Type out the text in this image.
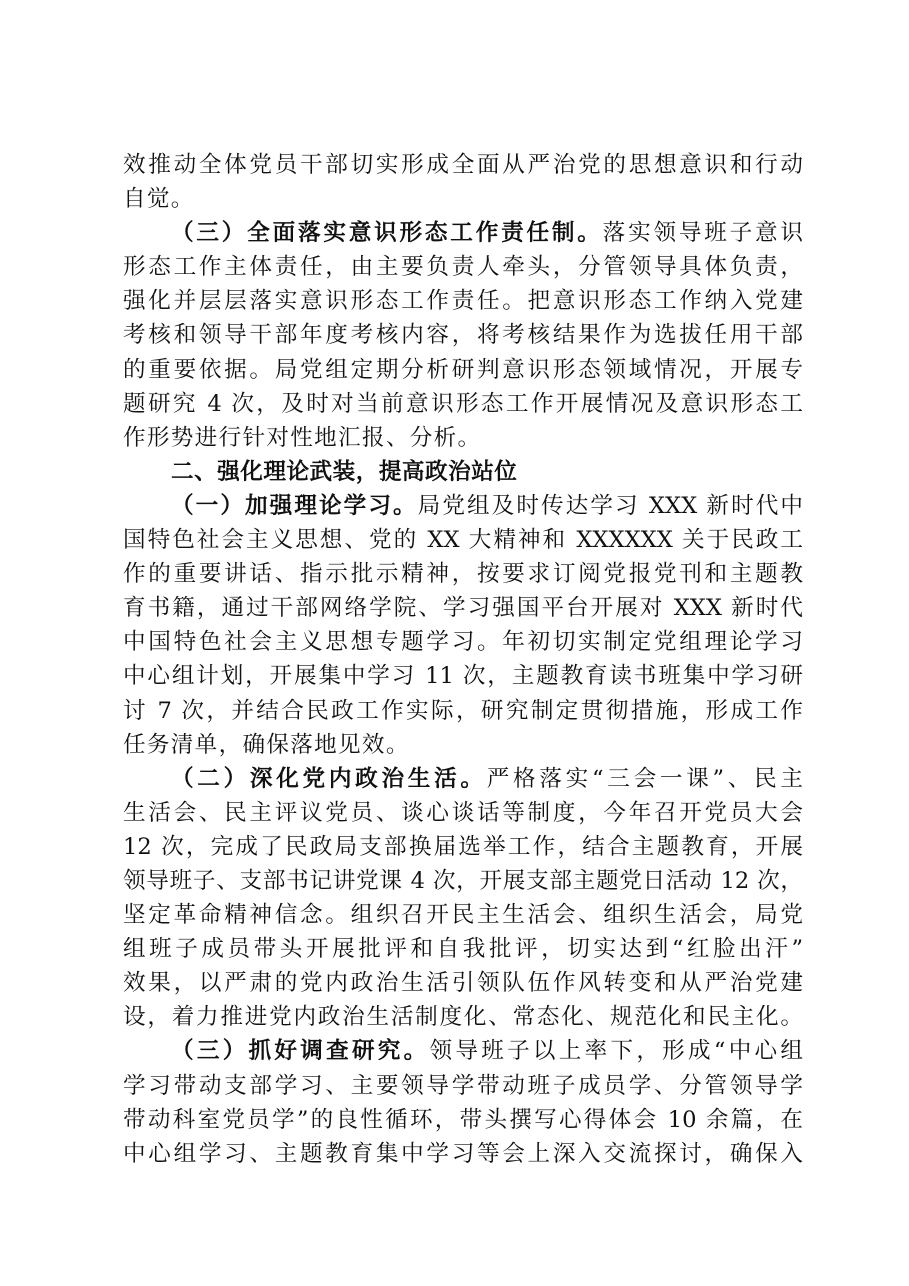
效推动全体党员干部切实形成全面从严治党的思想意识和行动
自觉。
（三）全面落实意识形态工作责任制。落实领导班子意识
形态工作主体责任，由主要负责人牵头，分管领导具体负责，
强化并层层落实意识形态工作责任。把意识形态工作纳入党建
考核和领导干部年度考核内容，将考核结果作为选拔任用干部
的重要依据。局党组定期分析研判意识形态领域情况，开展专
题研究 4 次，及时对当前意识形态工作开展情况及意识形态工
作形势进行针对性地汇报、分析。
二、强化理论武装，提高政治站位
（一）加强理论学习。局党组及时传达学习 XXX 新时代中
国特色社会主义思想、党的 XX 大精神和 XXXXXX 关于民政工
作的重要讲话、指示批示精神，按要求订阅党报党刊和主题教
育书籍，通过干部网络学院、学习强国平台开展对 XXX 新时代
中国特色社会主义思想专题学习。年初切实制定党组理论学习
中心组计划，开展集中学习 11 次，主题教育读书班集中学习研
讨 7 次，并结合民政工作实际，研究制定贯彻措施，形成工作
任务清单，确保落地见效。
（二）深化党内政治生活。严格落实“三会一课”、民主
生活会、民主评议党员、谈心谈话等制度，今年召开党员大会
12 次，完成了民政局支部换届选举工作，结合主题教育，开展
领导班子、支部书记讲党课 4 次，开展支部主题党日活动 12 次，
坚定革命精神信念。组织召开民主生活会、组织生活会，局党
组班子成员带头开展批评和自我批评，切实达到“红脸出汗”
效果，以严肃的党内政治生活引领队伍作风转变和从严治党建
设，着力推进党内政治生活制度化、常态化、规范化和民主化。
（三）抓好调查研究。领导班子以上率下，形成“中心组
学习带动支部学习、主要领导学带动班子成员学、分管领导学
带动科室党员学”的良性循环，带头撰写心得体会 10 余篇，在
中心组学习、主题教育集中学习等会上深入交流探讨，确保入
